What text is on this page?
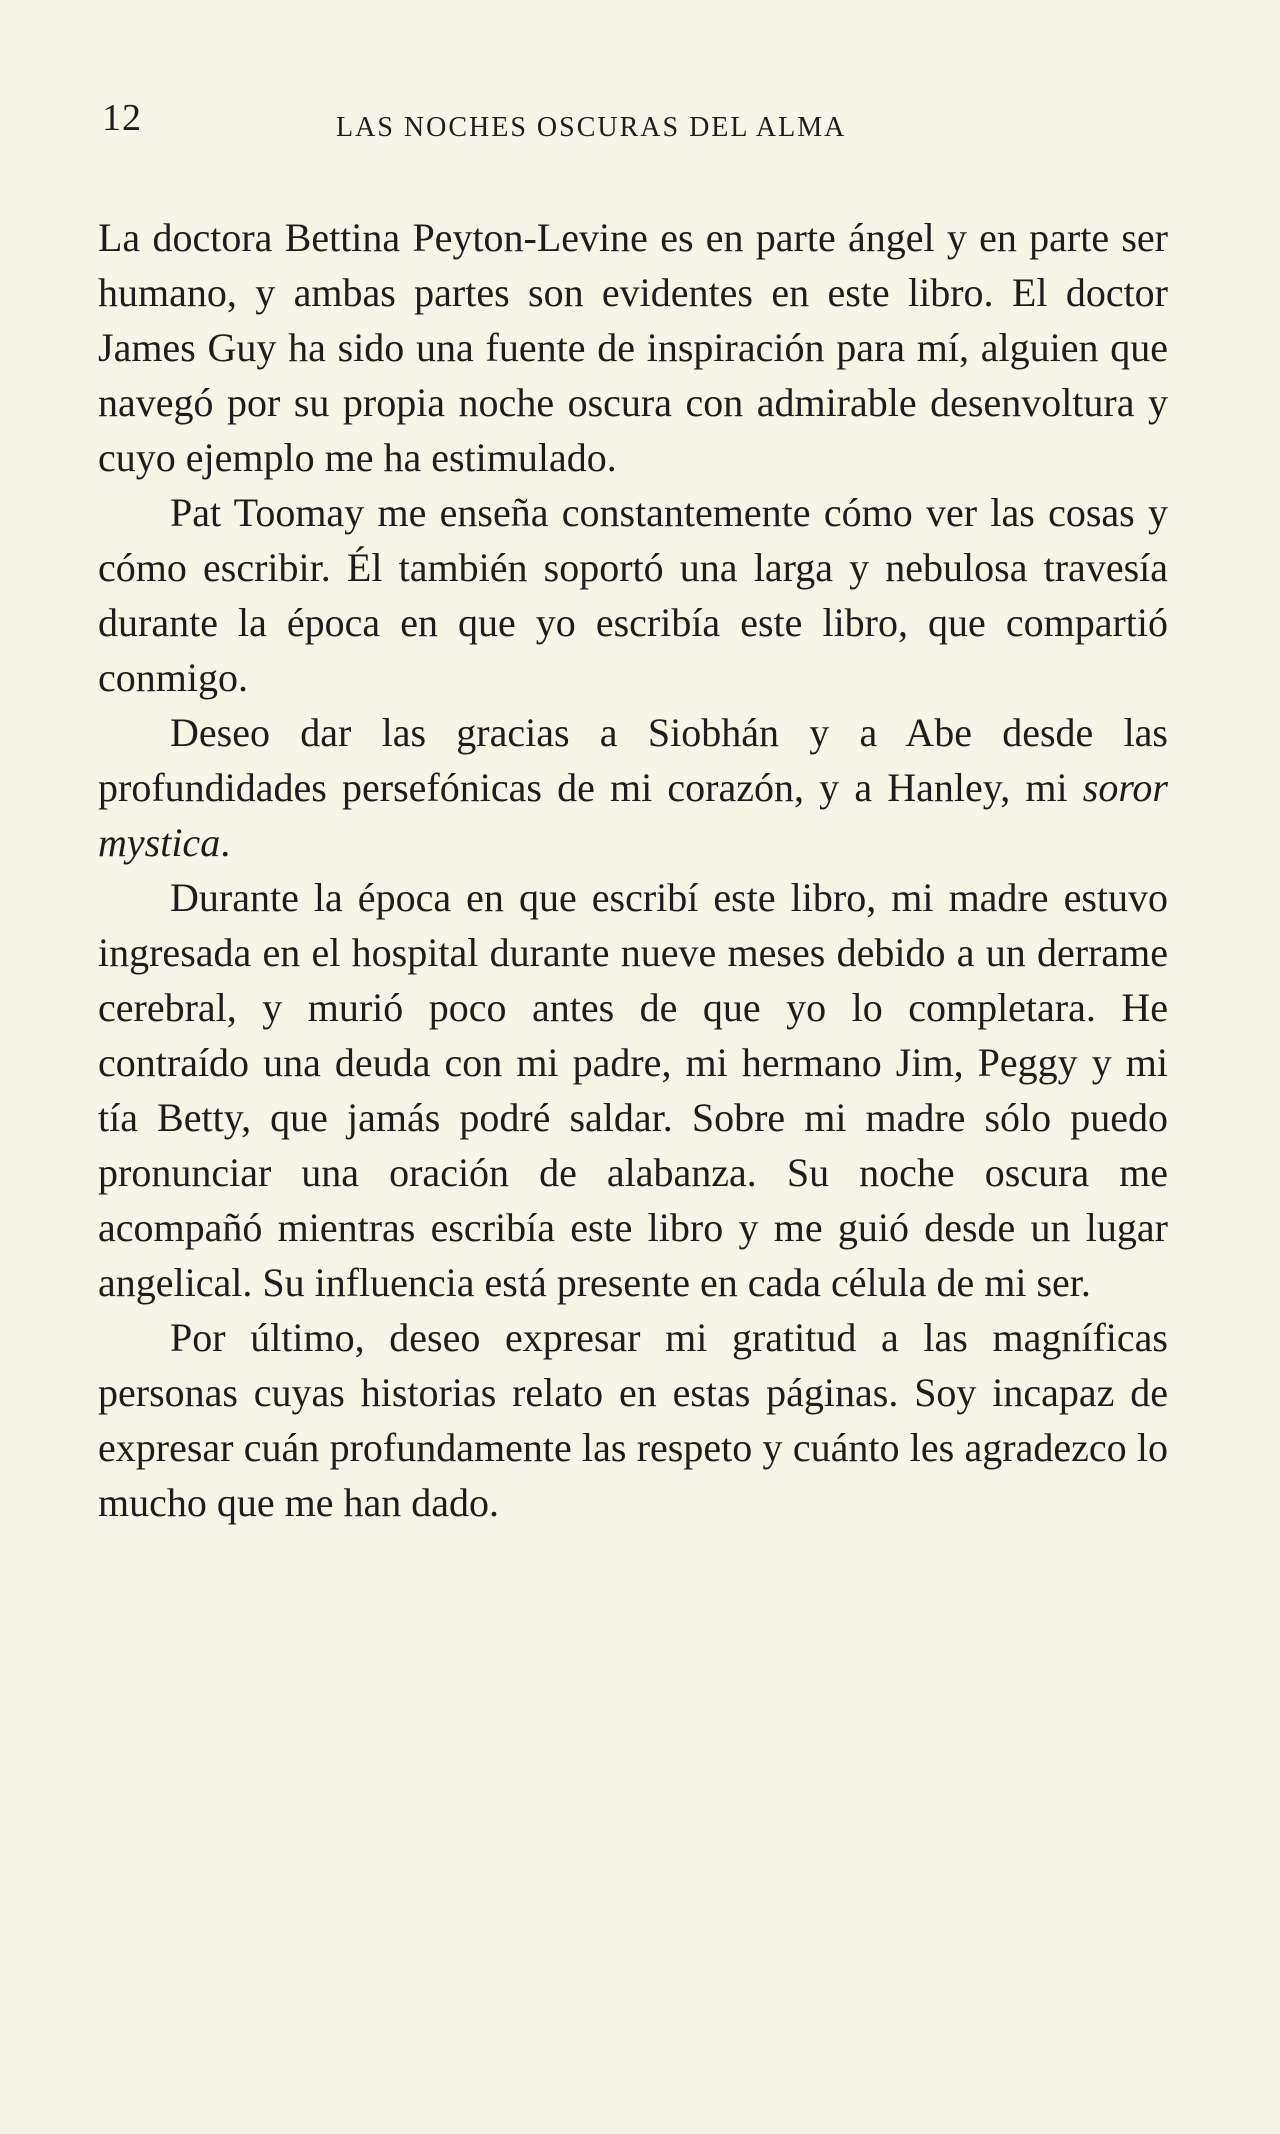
12	LAS NOCHES OSCURAS DEL ALMA

La doctora Bettina Peyton-Levine es en parte ángel y en parte ser humano, y ambas partes son evidentes en este libro. El doctor James Guy ha sido una fuente de inspiración para mí, alguien que navegó por su propia noche oscura con admirable desenvoltura y cuyo ejemplo me ha estimulado.

Pat Toomay me enseña constantemente cómo ver las cosas y cómo escribir. Él también soportó una larga y nebulosa travesía durante la época en que yo escribía este libro, que compartió conmigo.

Deseo dar las gracias a Siobhán y a Abe desde las profundidades persefónicas de mi corazón, y a Hanley, mi soror mystica.

Durante la época en que escribí este libro, mi madre estuvo ingresada en el hospital durante nueve meses debido a un derrame cerebral, y murió poco antes de que yo lo completara. He contraído una deuda con mi padre, mi hermano Jim, Peggy y mi tía Betty, que jamás podré saldar. Sobre mi madre sólo puedo pronunciar una oración de alabanza. Su noche oscura me acompañó mientras escribía este libro y me guió desde un lugar angelical. Su influencia está presente en cada célula de mi ser.

Por último, deseo expresar mi gratitud a las magníficas personas cuyas historias relato en estas páginas. Soy incapaz de expresar cuán profundamente las respeto y cuánto les agradezco lo mucho que me han dado.
